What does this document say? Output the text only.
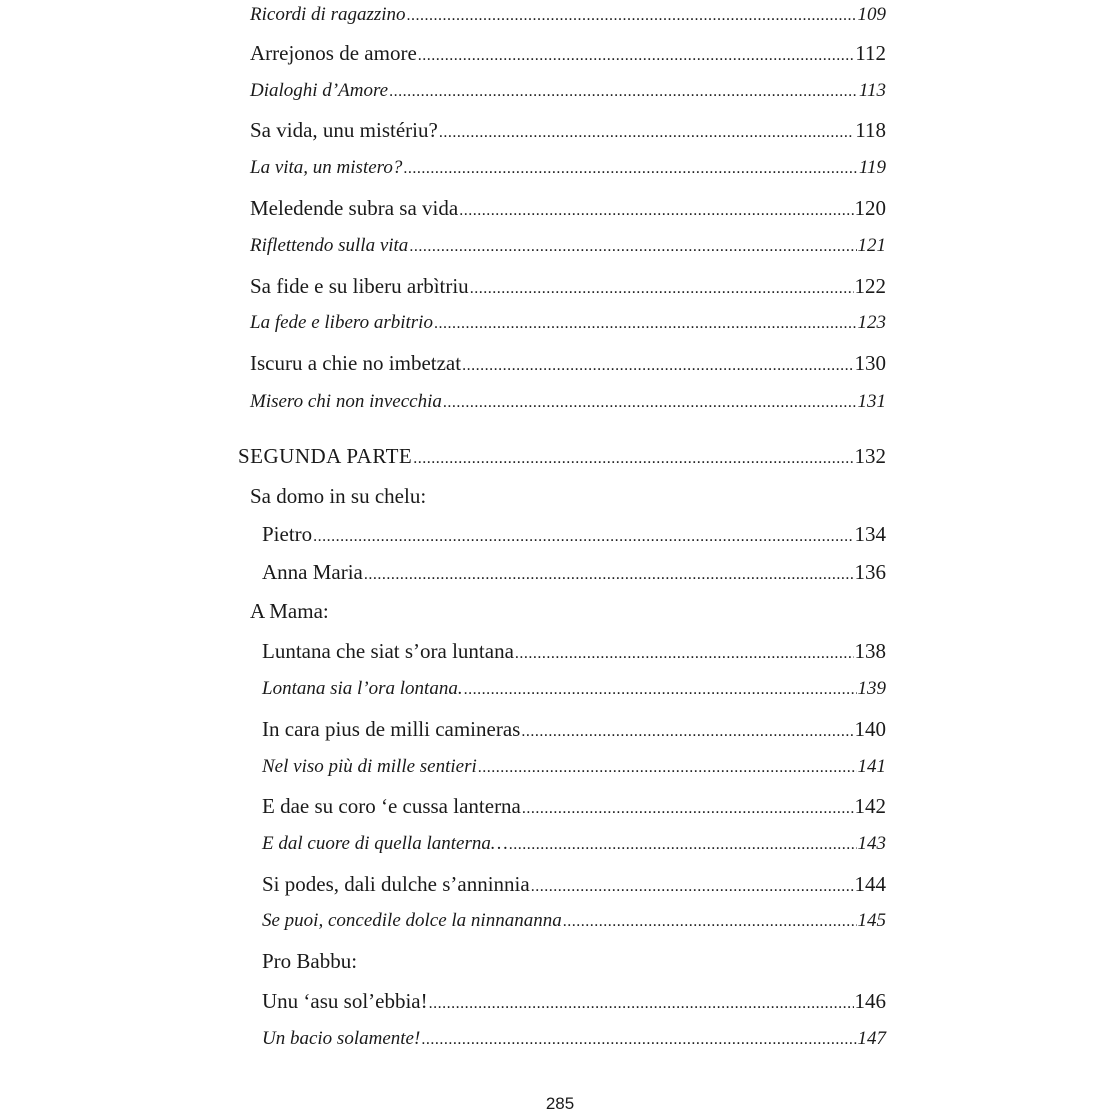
Ricordi di ragazzino .....	109
Arrejonos de amore .....	112
Dialoghi d’Amore .....	113
Sa vida, unu mistériu? .....	118
La vita, un mistero? .....	119
Meledende subra sa vida .....	120
Riflettendo sulla vita .....	121
Sa fide e su liberu arbìtriu .....	122
La fede e libero arbitrio .....	123
Iscuru a chie no imbetzat .....	130
Misero chi non invecchia .....	131
SEGUNDA PARTE .....	132
Sa domo in su chelu:
Pietro .....	134
Anna Maria .....	136
A Mama:
Luntana che siat s’ora luntana .....	138
Lontana sia l’ora lontana. .....	139
In cara pius de milli camineras .....	140
Nel viso più di mille sentieri .....	141
E dae su coro ‘e cussa lanterna .....	142
E dal cuore di quella lanterna… .....	143
Si podes, dali dulche s’anninnia .....	144
Se puoi, concedile dolce la ninnananna .....	145
Pro Babbu:
Unu ‘asu sol’ebbia! .....	146
Un bacio solamente! .....	147
285
